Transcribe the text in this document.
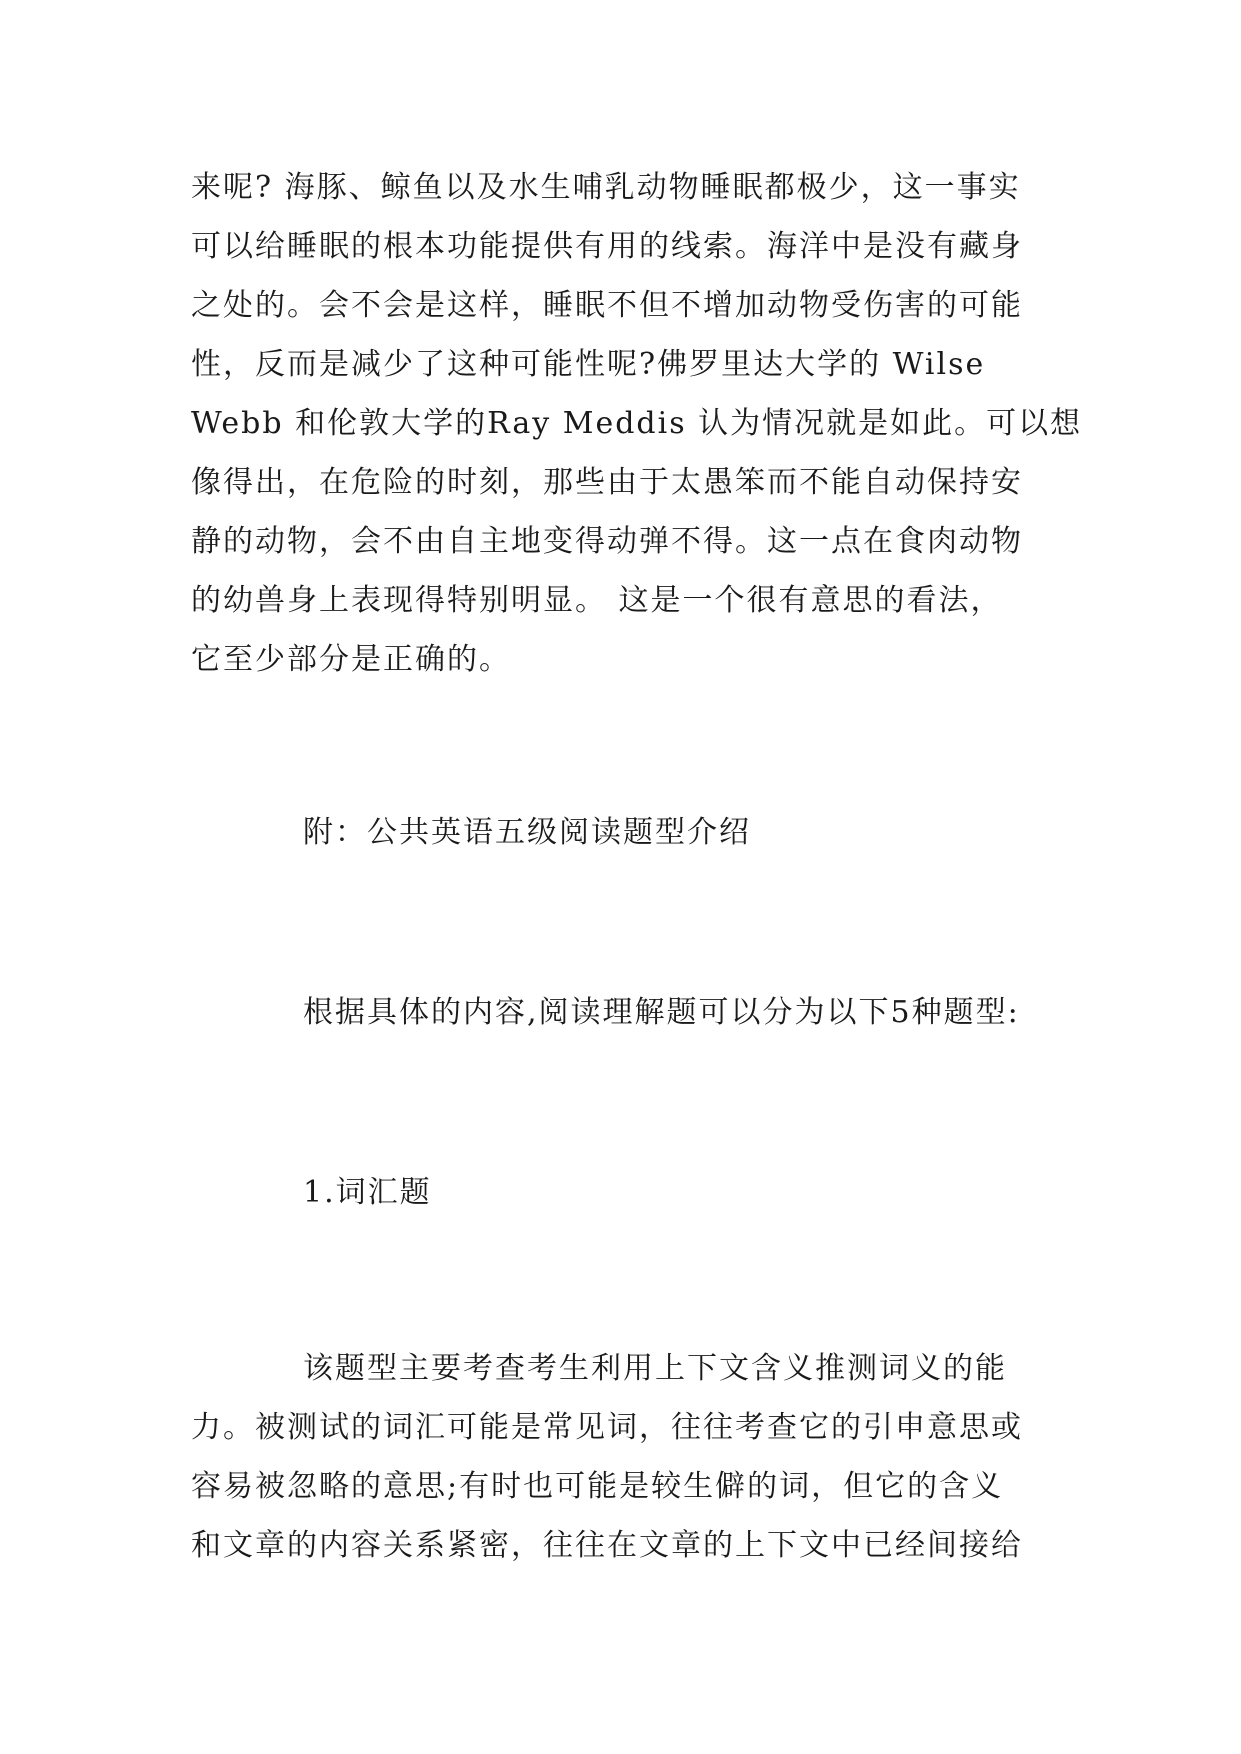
来呢? 海豚、鲸鱼以及水生哺乳动物睡眠都极少，这一事实
可以给睡眠的根本功能提供有用的线索。海洋中是没有藏身
之处的。会不会是这样，睡眠不但不增加动物受伤害的可能
性，反而是减少了这种可能性呢?佛罗里达大学的 Wilse
Webb 和伦敦大学的Ray Meddis 认为情况就是如此。可以想
像得出，在危险的时刻，那些由于太愚笨而不能自动保持安
静的动物，会不由自主地变得动弹不得。这一点在食肉动物
的幼兽身上表现得特别明显。 这是一个很有意思的看法，
它至少部分是正确的。

附：公共英语五级阅读题型介绍

根据具体的内容,阅读理解题可以分为以下5种题型:

1.词汇题

该题型主要考查考生利用上下文含义推测词义的能
力。被测试的词汇可能是常见词，往往考查它的引申意思或
容易被忽略的意思;有时也可能是较生僻的词，但它的含义
和文章的内容关系紧密，往往在文章的上下文中已经间接给
